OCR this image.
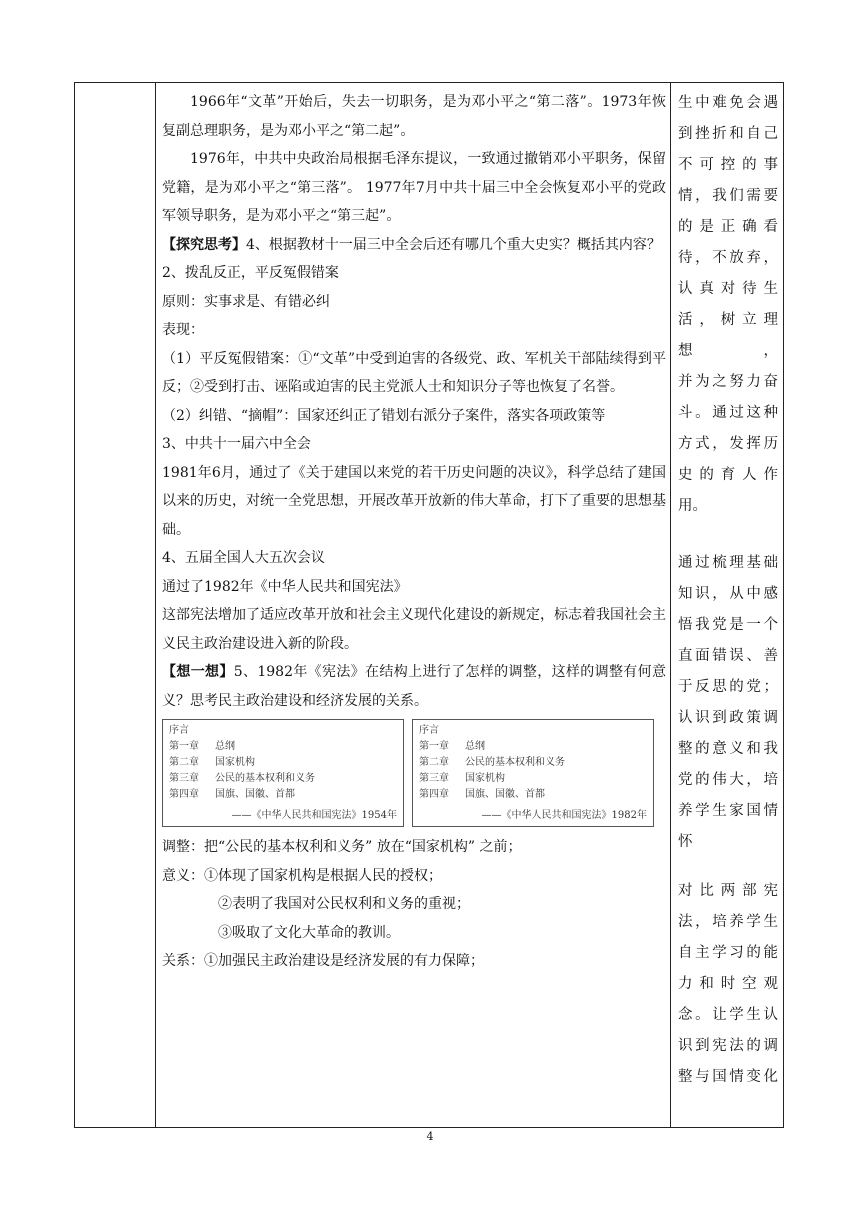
1966年“文革”开始后，失去一切职务，是为邓小平之“第二落”。1973年恢复副总理职务，是为邓小平之“第二起”。

1976年，中共中央政治局根据毛泽东提议，一致通过撤销邓小平职务，保留党籍，是为邓小平之“第三落”。 1977年7月中共十届三中全会恢复邓小平的党政军领导职务，是为邓小平之“第三起”。

【探究思考】4、根据教材十一届三中全会后还有哪几个重大史实？概括其内容？

2、拨乱反正，平反冤假错案

原则：实事求是、有错必纠

表现：

（1）平反冤假错案：①“文革”中受到迫害的各级党、政、军机关干部陆续得到平反；②受到打击、诬陷或迫害的民主党派人士和知识分子等也恢复了名誉。

（2）纠错、“摘帽”：国家还纠正了错划右派分子案件，落实各项政策等

3、中共十一届六中全会

1981年6月，通过了《关于建国以来党的若干历史问题的决议》，科学总结了建国以来的历史，对统一全党思想，开展改革开放新的伟大革命，打下了重要的思想基础。

4、五届全国人大五次会议

通过了1982年《中华人民共和国宪法》

这部宪法增加了适应改革开放和社会主义现代化建设的新规定，标志着我国社会主义民主政治建设进入新的阶段。

【想一想】5、1982年《宪法》在结构上进行了怎样的调整，这样的调整有何意义？思考民主政治建设和经济发展的关系。

序言
第一章 总纲
第二章 国家机构
第三章 公民的基本权利和义务
第四章 国旗、国徽、首都
——《中华人民共和国宪法》1954年
序言
第一章 总纲
第二章 公民的基本权利和义务
第三章 国家机构
第四章 国旗、国徽、首都
——《中华人民共和国宪法》1982年

调整：把“公民的基本权利和义务” 放在“国家机构” 之前；

意义：①体现了国家机构是根据人民的授权；

②表明了我国对公民权利和义务的重视；

③吸取了文化大革命的教训。

关系：①加强民主政治建设是经济发展的有力保障；

生中难免会遇

到挫折和自己

不可控的事

情，我们需要

的是正确看

待，不放弃，

认真对待生

活，树立理想，

并为之努力奋

斗。通过这种

方式，发挥历

史的育人作

用。

通过梳理基础

知识，从中感

悟我党是一个

直面错误、善

于反思的党；

认识到政策调

整的意义和我

党的伟大，培

养学生家国情

怀

对比两部宪

法，培养学生

自主学习的能

力和时空观

念。让学生认

识到宪法的调

整与国情变化

4
